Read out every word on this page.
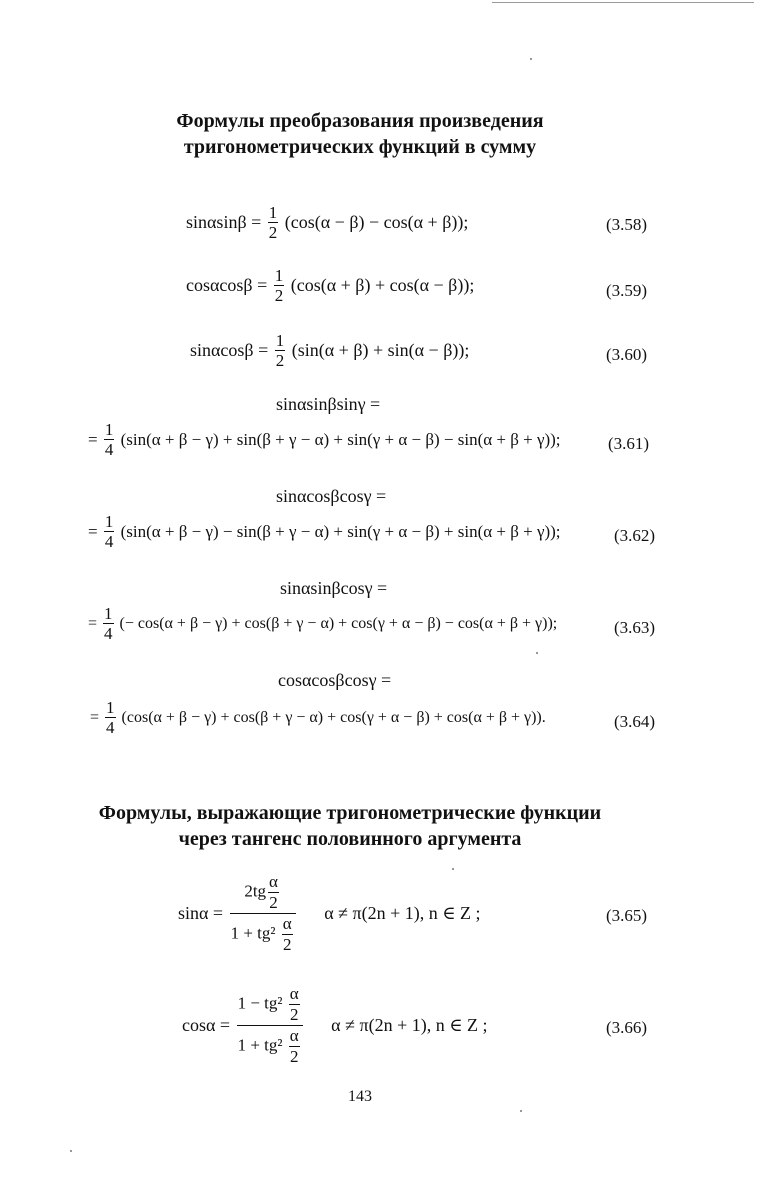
Формулы преобразования произведения
тригонометрических функций в сумму
$\sin\alpha\sin\beta = \frac{1}{2} (\cos(\alpha - \beta) - \cos(\alpha + \beta))$;	(3.58)
$\cos\alpha\cos\beta = \frac{1}{2} (\cos(\alpha + \beta) + \cos(\alpha - \beta))$;	(3.59)
$\sin\alpha\cos\beta = \frac{1}{2} (\sin(\alpha + \beta) + \sin(\alpha - \beta))$;	(3.60)
sinαsinβsinγ =
= $\frac{1}{4} (\sin(\alpha + \beta - \gamma) + \sin(\beta + \gamma - \alpha) + \sin(\gamma + \alpha - \beta) - \sin(\alpha + \beta + \gamma))$;	(3.61)
sinαcosβcosγ =
= $\frac{1}{4} (\sin(\alpha + \beta - \gamma) - \sin(\beta + \gamma - \alpha) + \sin(\gamma + \alpha - \beta) + \sin(\alpha + \beta + \gamma))$;	(3.62)
sinαsinβcosγ =
= $\frac{1}{4}$ (− cos(α + β − γ) + cos(β + γ − α) + cos(γ + α − β) − cos(α + β + γ));	(3.63)
cosαcosβcosγ =
= $\frac{1}{4} (\cos(\alpha + \beta - \gamma) + \cos(\beta + \gamma - \alpha) + \cos(\gamma + \alpha - \beta) + \cos(\alpha + \beta + \gamma))$.	(3.64)
Формулы, выражающие тригонометрические функции
через тангенс половинного аргумента
$\sin\alpha = \frac{2tg \frac{\alpha}{2}}{1 + tg^2 \frac{\alpha}{2}}$ α ≠ π(2n + 1), n ∈ Z ;	(3.65)
$\cos\alpha = \frac{1 - tg^2 \frac{\alpha}{2}}{1 + tg^2 \frac{\alpha}{2}}$ α ≠ π(2n + 1), n ∈ Z ;	(3.66)
143
